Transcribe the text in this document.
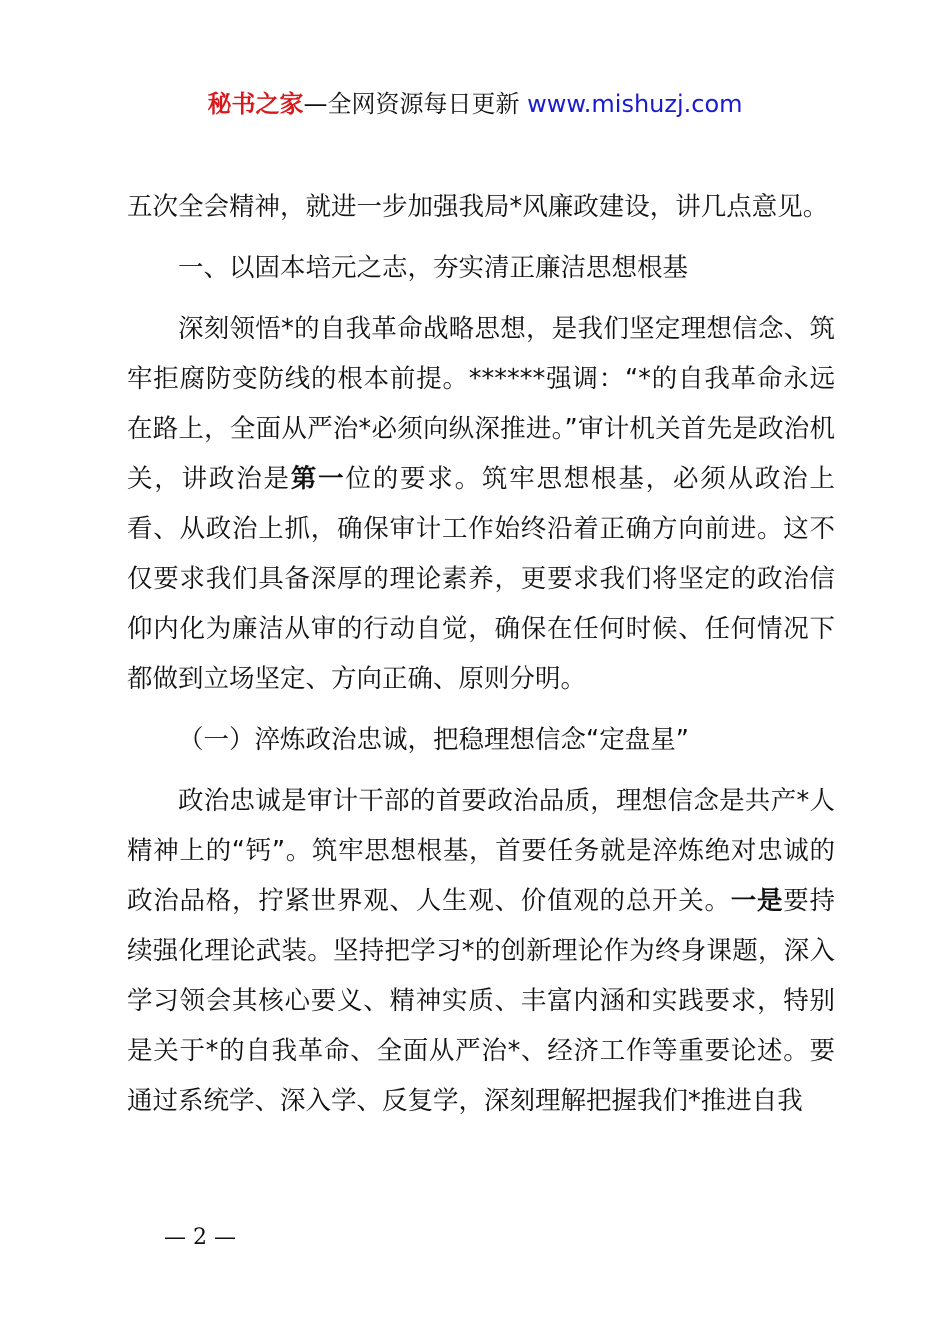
秘书之家—全网资源每日更新 www.mishuzj.com

五次全会精神，就进一步加强我局*风廉政建设，讲几点意见。

一、以固本培元之志，夯实清正廉洁思想根基

深刻领悟*的自我革命战略思想，是我们坚定理想信念、筑牢拒腐防变防线的根本前提。******强调：“*的自我革命永远在路上，全面从严治*必须向纵深推进。”审计机关首先是政治机关，讲政治是第一位的要求。筑牢思想根基，必须从政治上看、从政治上抓，确保审计工作始终沿着正确方向前进。这不仅要求我们具备深厚的理论素养，更要求我们将坚定的政治信仰内化为廉洁从审的行动自觉，确保在任何时候、任何情况下都做到立场坚定、方向正确、原则分明。

（一）淬炼政治忠诚，把稳理想信念“定盘星”

政治忠诚是审计干部的首要政治品质，理想信念是共产*人精神上的“钙”。筑牢思想根基，首要任务就是淬炼绝对忠诚的政治品格，拧紧世界观、人生观、价值观的总开关。一是要持续强化理论武装。坚持把学习*的创新理论作为终身课题，深入学习领会其核心要义、精神实质、丰富内涵和实践要求，特别是关于*的自我革命、全面从严治*、经济工作等重要论述。要通过系统学、深入学、反复学，深刻理解把握我们*推进自我

— 2 —
